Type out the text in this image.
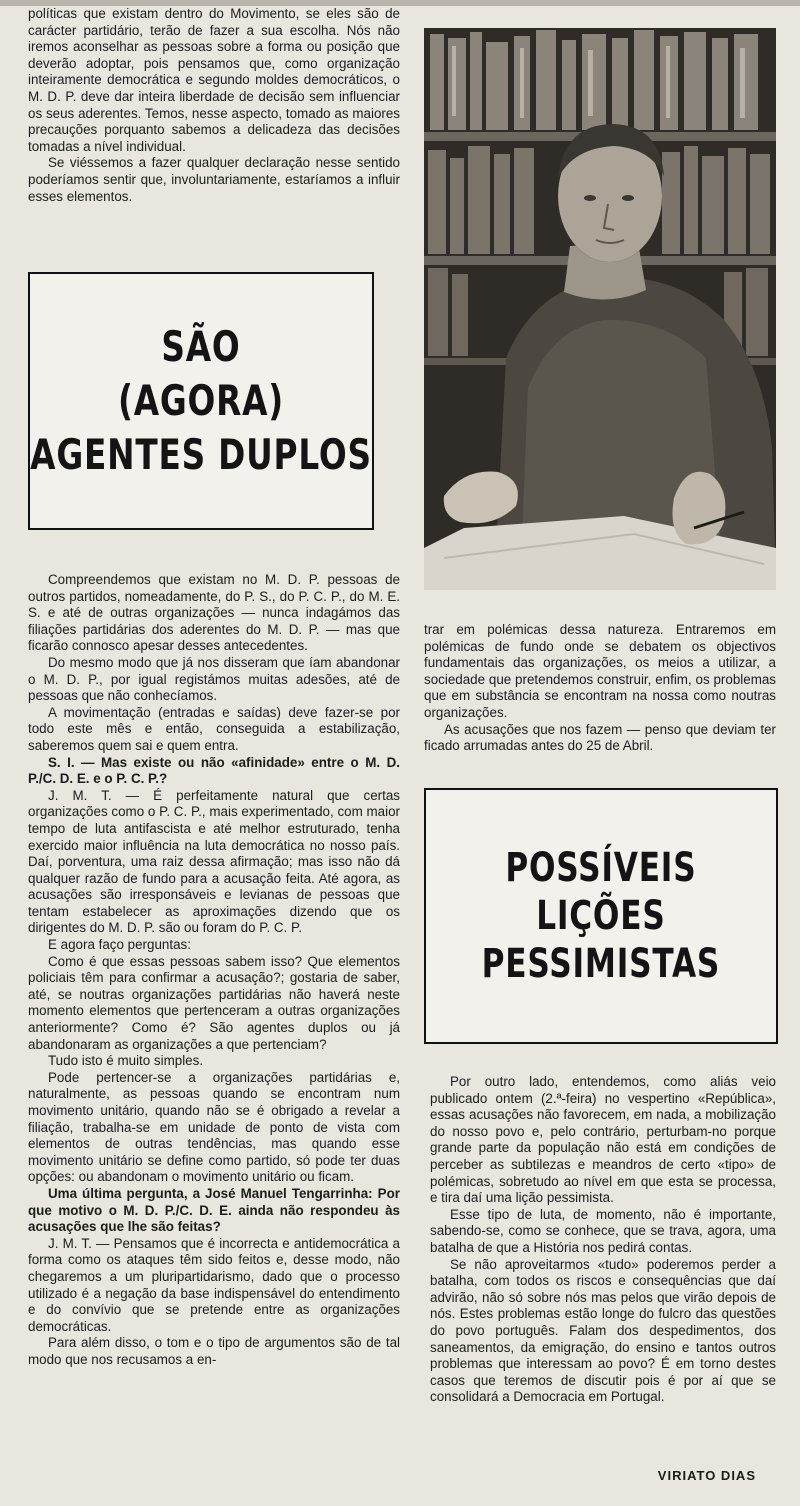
políticas que existam dentro do Movimento, se eles são de carácter partidário, terão de fazer a sua escolha. Nós não iremos aconselhar as pessoas sobre a forma ou posição que deverão adoptar, pois pensamos que, como organização inteiramente democrática e segundo moldes democráticos, o M. D. P. deve dar inteira liberdade de decisão sem influenciar os seus aderentes. Temos, nesse aspecto, tomado as maiores precauções porquanto sabemos a delicadeza das decisões tomadas a nível individual.

Se viéssemos a fazer qualquer declaração nesse sentido poderíamos sentir que, involuntariamente, estaríamos a influir esses elementos.

SÃO
(AGORA)
AGENTES DUPLOS

Compreendemos que existam no M. D. P. pessoas de outros partidos, nomeadamente, do P. S., do P. C. P., do M. E. S. e até de outras organizações — nunca indagámos das filiações partidárias dos aderentes do M. D. P. — mas que ficarão connosco apesar desses antecedentes.

Do mesmo modo que já nos disseram que íam abandonar o M. D. P., por igual registámos muitas adesões, até de pessoas que não conhecíamos.

A movimentação (entradas e saídas) deve fazer-se por todo este mês e então, conseguida a estabilização, saberemos quem sai e quem entra.

S. I. — Mas existe ou não «afinidade» entre o M. D. P./C. D. E. e o P. C. P.?

J. M. T. — É perfeitamente natural que certas organizações como o P. C. P., mais experimentado, com maior tempo de luta antifascista e até melhor estruturado, tenha exercido maior influência na luta democrática no nosso país. Daí, porventura, uma raiz dessa afirmação; mas isso não dá qualquer razão de fundo para a acusação feita. Até agora, as acusações são irresponsáveis e levianas de pessoas que tentam estabelecer as aproximações dizendo que os dirigentes do M. D. P. são ou foram do P. C. P.

E agora faço perguntas:

Como é que essas pessoas sabem isso? Que elementos policiais têm para confirmar a acusação?; gostaria de saber, até, se noutras organizações partidárias não haverá neste momento elementos que pertenceram a outras organizações anteriormente? Como é? São agentes duplos ou já abandonaram as organizações a que pertenciam?

Tudo isto é muito simples.

Pode pertencer-se a organizações partidárias e, naturalmente, as pessoas quando se encontram num movimento unitário, quando não se é obrigado a revelar a filiação, trabalha-se em unidade de ponto de vista com elementos de outras tendências, mas quando esse movimento unitário se define como partido, só pode ter duas opções: ou abandonam o movimento unitário ou ficam.

Uma última pergunta, a José Manuel Tengarrinha: Por que motivo o M. D. P./C. D. E. ainda não respondeu às acusações que lhe são feitas?

J. M. T. — Pensamos que é incorrecta e antidemocrática a forma como os ataques têm sido feitos e, desse modo, não chegaremos a um pluripartidarismo, dado que o processo utilizado é a negação da base indispensável do entendimento e do convívio que se pretende entre as organizações democráticas.

Para além disso, o tom e o tipo de argumentos são de tal modo que nos recusamos a en-

trar em polémicas dessa natureza. Entraremos em polémicas de fundo onde se debatem os objectivos fundamentais das organizações, os meios a utilizar, a sociedade que pretendemos construir, enfim, os problemas que em substância se encontram na nossa como noutras organizações.

As acusações que nos fazem — penso que deviam ter ficado arrumadas antes do 25 de Abril.

POSSÍVEIS
LIÇÕES
PESSIMISTAS

Por outro lado, entendemos, como aliás veio publicado ontem (2.ª-feira) no vespertino «República», essas acusações não favorecem, em nada, a mobilização do nosso povo e, pelo contrário, perturbam-no porque grande parte da população não está em condições de perceber as subtilezas e meandros de certo «tipo» de polémicas, sobretudo ao nível em que esta se processa, e tira daí uma lição pessimista.

Esse tipo de luta, de momento, não é importante, sabendo-se, como se conhece, que se trava, agora, uma batalha de que a História nos pedirá contas.

Se não aproveitarmos «tudo» poderemos perder a batalha, com todos os riscos e consequências que daí advirão, não só sobre nós mas pelos que virão depois de nós. Estes problemas estão longe do fulcro das questões do povo português. Falam dos despedimentos, dos saneamentos, da emigração, do ensino e tantos outros problemas que interessam ao povo? É em torno destes casos que teremos de discutir pois é por aí que se consolidará a Democracia em Portugal.

VIRIATO DIAS
